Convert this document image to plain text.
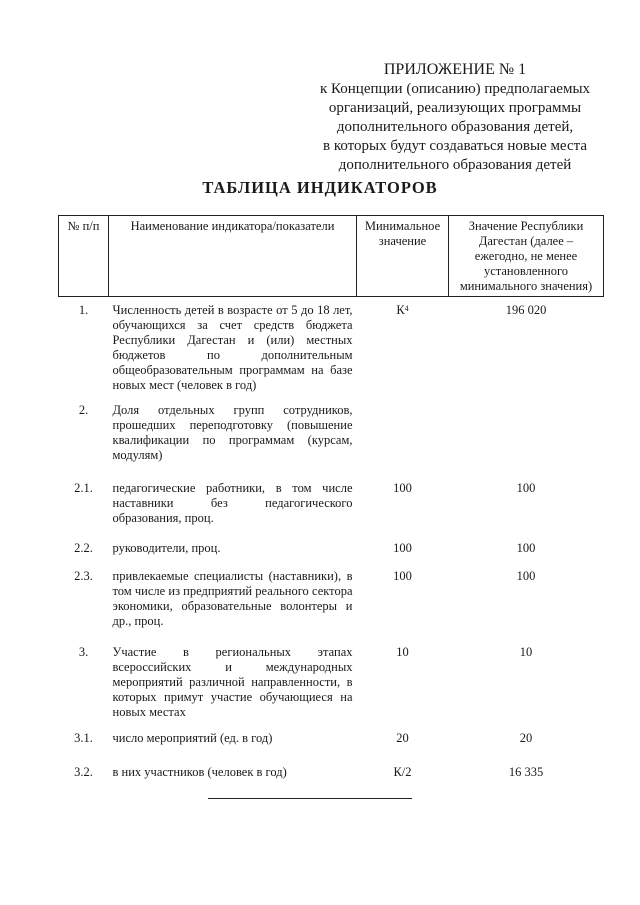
ПРИЛОЖЕНИЕ № 1
к Концепции (описанию) предполагаемых
организаций, реализующих программы
дополнительного образования детей,
в которых будут создаваться новые места
дополнительного образования детей
ТАБЛИЦА ИНДИКАТОРОВ
№ п/п	Наименование индикатора/показатели	Минимальное значение	Значение Республики Дагестан (далее – ежегодно, не менее установленного минимального значения)
1.	Численность детей в возрасте от 5 до 18 лет, обучающихся за счет средств бюджета Республики Дагестан и (или) местных бюджетов по дополнительным общеобразовательным программам на базе новых мест (человек в год)	$К^4$	196 020
2.	Доля отдельных групп сотрудников, прошедших переподготовку (повышение квалификации по программам (курсам, модулям)		
2.1.	педагогические работники, в том числе наставники без педагогического образования, проц.	100	100
2.2.	руководители, проц.	100	100
2.3.	привлекаемые специалисты (наставники), в том числе из предприятий реального сектора экономики, образовательные волонтеры и др., проц.	100	100
3.	Участие в региональных этапах всероссийских и международных мероприятий различной направленности, в которых примут участие обучающиеся на новых местах	10	10
3.1.	число мероприятий (ед. в год)	20	20
3.2.	в них участников (человек в год)	К/2	16 335
